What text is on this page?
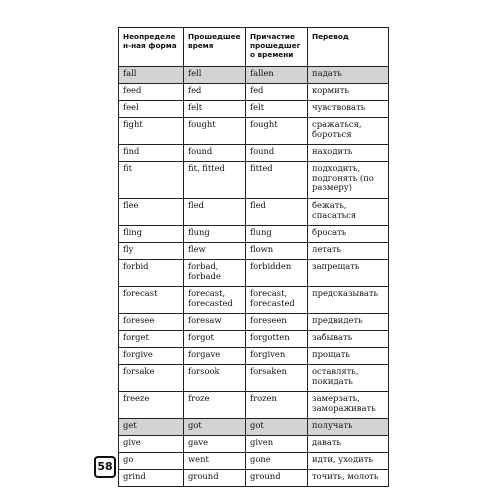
Неопределен-ная форма	Прошедшее время	Причастие прошедшего времени	Перевод
fall	fell	fallen	падать
feed	fed	fed	кормить
feel	felt	felt	чувствовать
fight	fought	fought	сражаться, бороться
find	found	found	находить
fit	fit, fitted	fitted	подходить, подгонять (по размеру)
flee	fled	fled	бежать, спасаться
fling	flung	flung	бросать
fly	flew	flown	летать
forbid	forbad, forbade	forbidden	запрещать
forecast	forecast, forecasted	forecast, forecasted	предсказывать
foresee	foresaw	foreseen	предвидеть
forget	forgot	forgotten	забывать
forgive	forgave	forgiven	прощать
forsake	forsook	forsaken	оставлять, покидать
freeze	froze	frozen	замерзать, замораживать
get	got	got	получать
give	gave	given	давать
go	went	gone	идти, уходить
grind	ground	ground	точить, молоть
58
